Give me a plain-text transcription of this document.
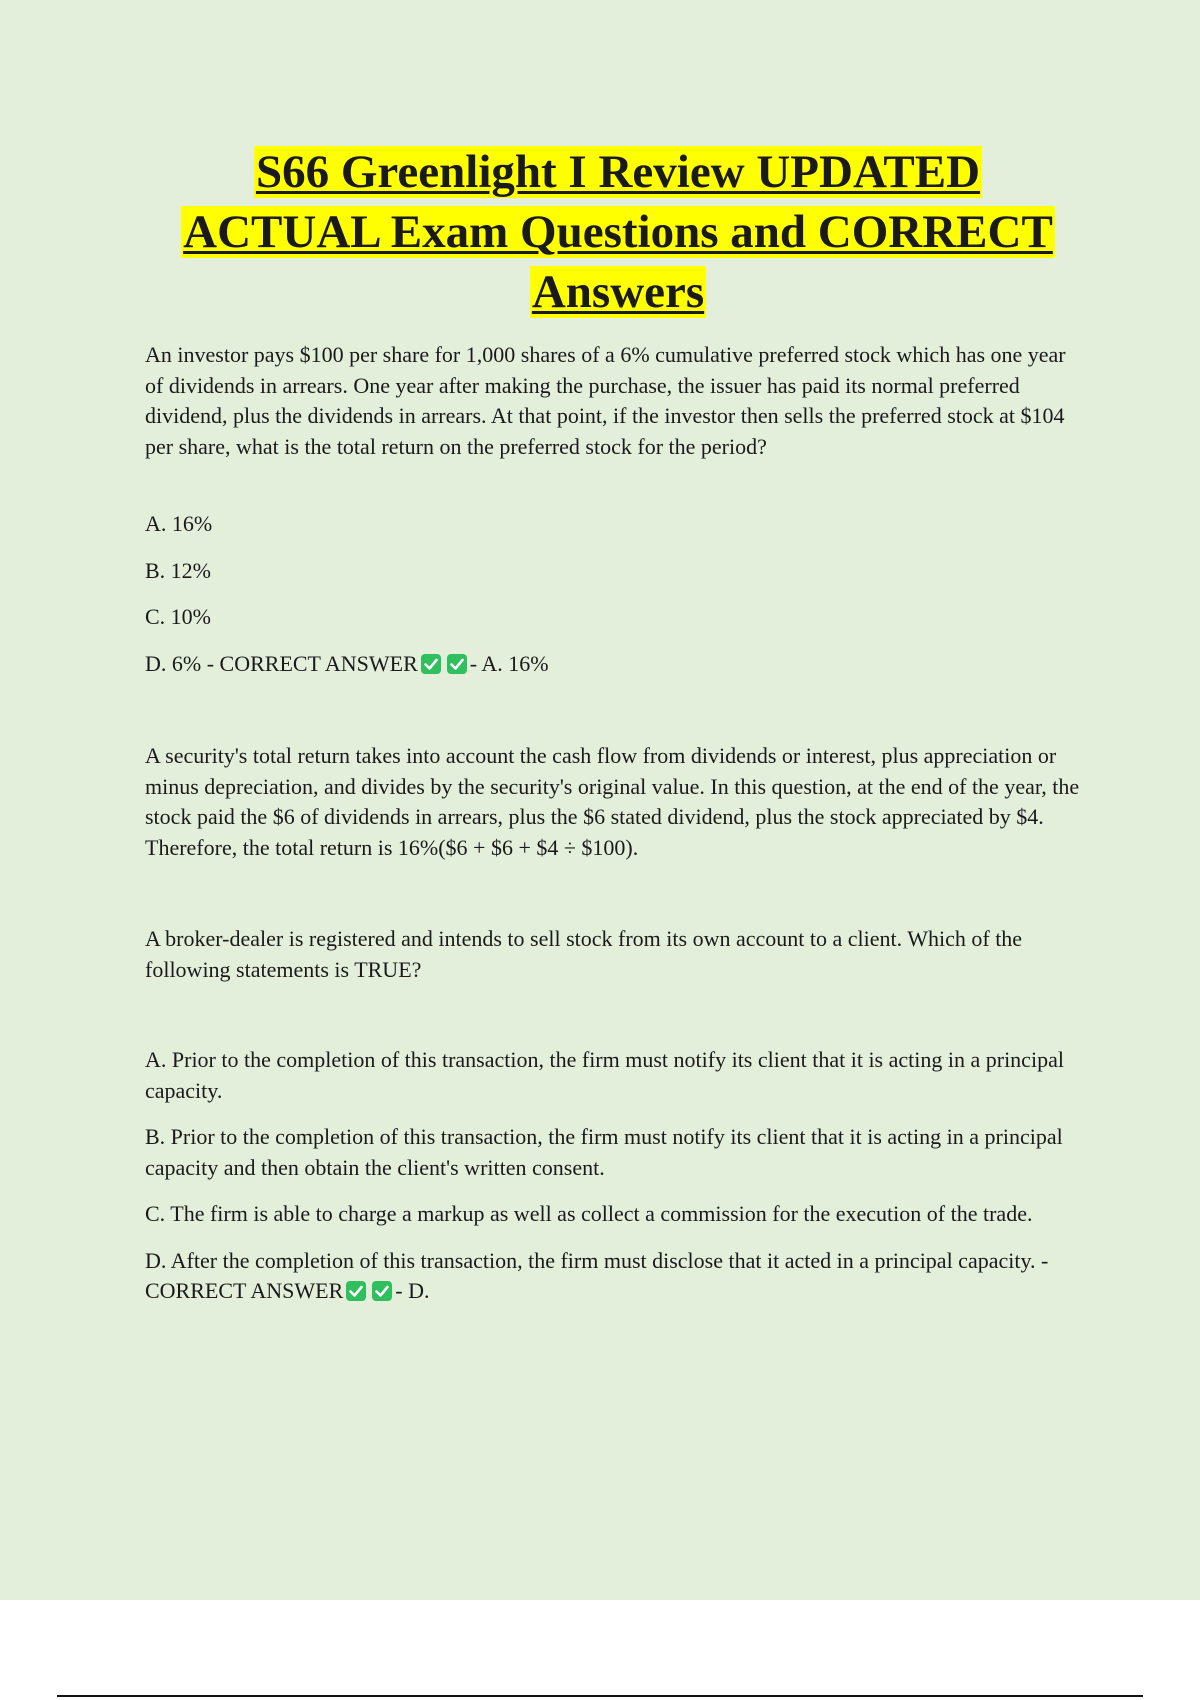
S66 Greenlight I Review UPDATED
ACTUAL Exam Questions and CORRECT
Answers

An investor pays $100 per share for 1,000 shares of a 6% cumulative preferred stock which has one year of dividends in arrears. One year after making the purchase, the issuer has paid its normal preferred dividend, plus the dividends in arrears. At that point, if the investor then sells the preferred stock at $104 per share, what is the total return on the preferred stock for the period?

A. 16%

B. 12%

C. 10%

D. 6% - CORRECT ANSWER - A. 16%

A security's total return takes into account the cash flow from dividends or interest, plus appreciation or minus depreciation, and divides by the security's original value. In this question, at the end of the year, the stock paid the $6 of dividends in arrears, plus the $6 stated dividend, plus the stock appreciated by $4. Therefore, the total return is 16%($6 + $6 + $4 ÷ $100).

A broker-dealer is registered and intends to sell stock from its own account to a client. Which of the following statements is TRUE?

A. Prior to the completion of this transaction, the firm must notify its client that it is acting in a principal capacity.

B. Prior to the completion of this transaction, the firm must notify its client that it is acting in a principal capacity and then obtain the client's written consent.

C. The firm is able to charge a markup as well as collect a commission for the execution of the trade.

D. After the completion of this transaction, the firm must disclose that it acted in a principal capacity. - CORRECT ANSWER - D.
